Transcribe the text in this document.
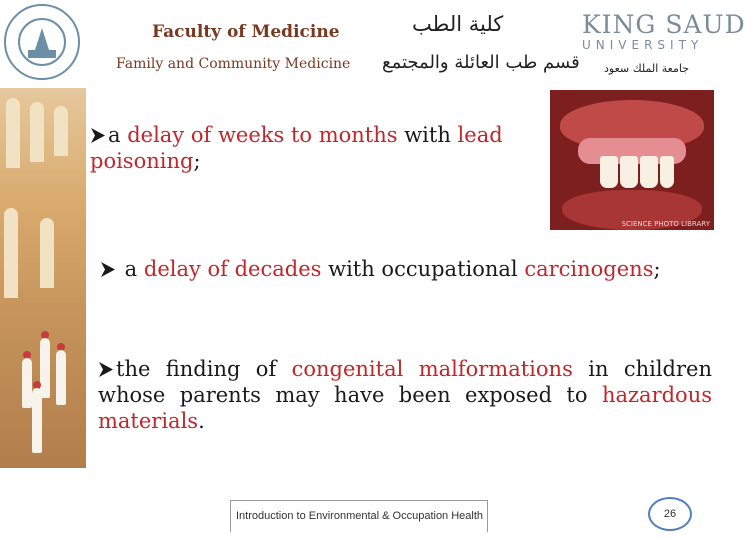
Faculty of Medicine
Family and Community Medicine
كلية الطب
قسم طب العائلة والمجتمع
KING SAUD
UNIVERSITY
جامعة الملك سعود
SCIENCE PHOTO LIBRARY
a delay of weeks to months with lead poisoning;
a delay of decades with occupational carcinogens;
the finding of congenital malformations in children whose parents may have been exposed to hazardous materials.
Introduction to Environmental & Occupation Health	26
